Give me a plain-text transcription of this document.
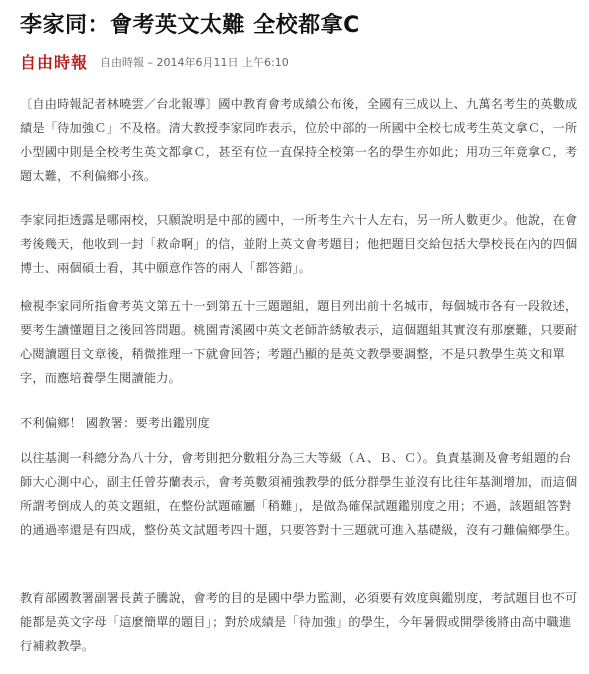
李家同：會考英文太難 全校都拿C
自由時報 自由時報 – 2014年6月11日 上午6:10

〔自由時報記者林曉雲／台北報導〕國中教育會考成績公布後，全國有三成以上、九萬名考生的英數成績是「待加強Ｃ」不及格。清大教授李家同昨表示，位於中部的一所國中全校七成考生英文拿Ｃ，一所小型國中則是全校考生英文都拿Ｃ，甚至有位一直保持全校第一名的學生亦如此；用功三年竟拿Ｃ，考題太難，不利偏鄉小孩。

李家同拒透露是哪兩校，只願說明是中部的國中，一所考生六十人左右，另一所人數更少。他說，在會考後幾天，他收到一封「救命啊」的信，並附上英文會考題目；他把題目交給包括大學校長在內的四個博士、兩個碩士看，其中願意作答的兩人「都答錯」。

檢視李家同所指會考英文第五十一到第五十三題題組，題目列出前十名城市，每個城市各有一段敘述，要考生讀懂題目之後回答問題。桃園青溪國中英文老師許綉敏表示，這個題組其實沒有那麼難，只要耐心閱讀題目文章後，稍微推理一下就會回答；考題凸顯的是英文教學要調整，不是只教學生英文和單字，而應培養學生閱讀能力。

不利偏鄉！ 國教署：要考出鑑別度

以往基測一科總分為八十分，會考則把分數粗分為三大等級（Ａ、Ｂ、Ｃ）。負責基測及會考組題的台師大心測中心，副主任曾芬蘭表示，會考英數須補強教學的低分群學生並沒有比往年基測增加，而這個所謂考倒成人的英文題組，在整份試題確屬「稍難」，是做為確保試題鑑別度之用；不過，該題組答對的通過率還是有四成，整份英文試題考四十題，只要答對十三題就可進入基礎級，沒有刁難偏鄉學生。

教育部國教署副署長黃子騰說，會考的目的是國中學力監測，必須要有效度與鑑別度，考試題目也不可能都是英文字母「這麼簡單的題目」；對於成績是「待加強」的學生，今年暑假或開學後將由高中職進行補救教學。
